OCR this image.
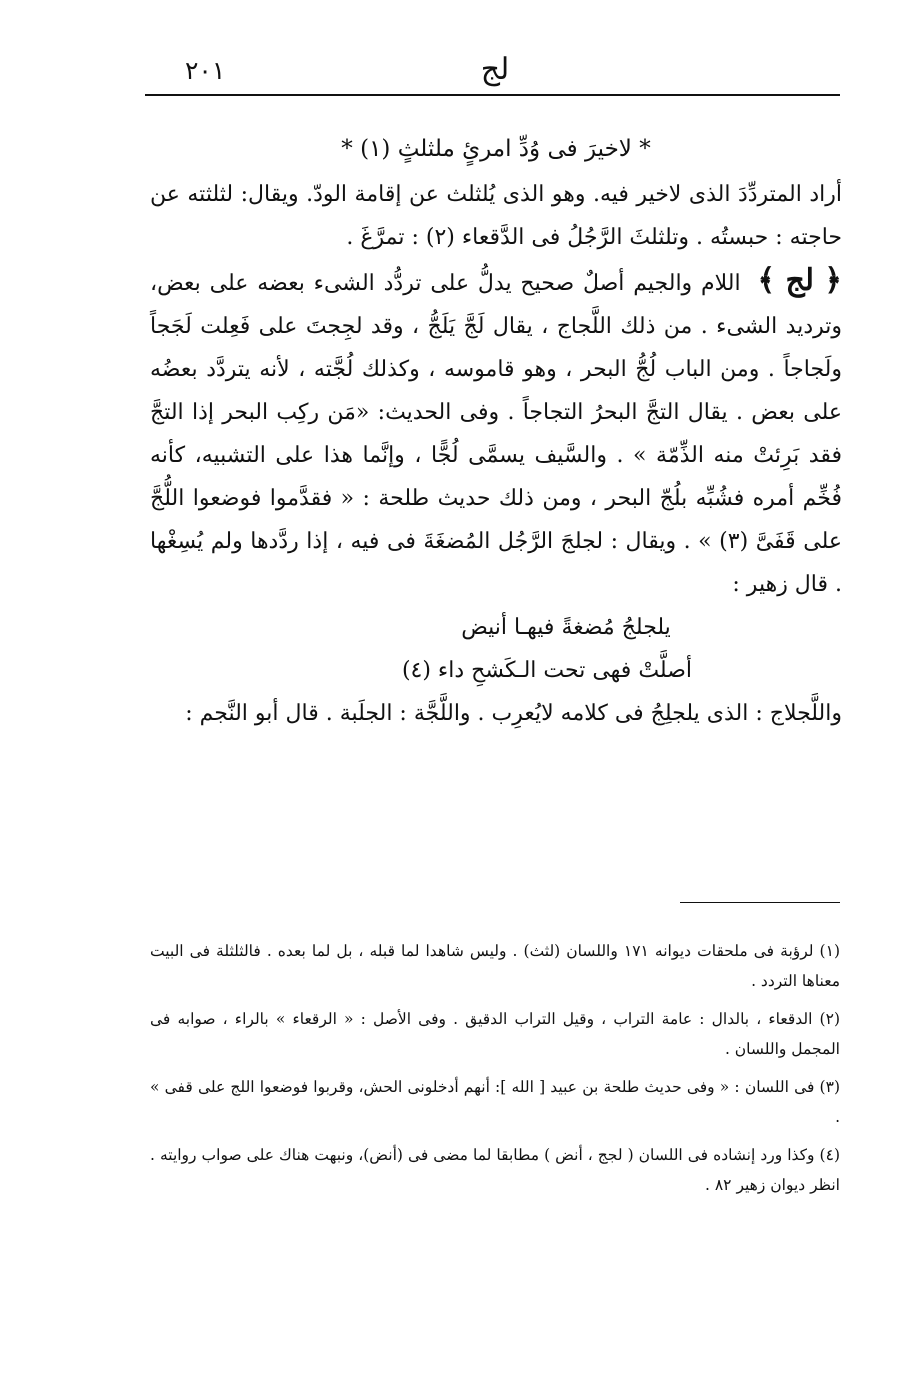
لج
٢٠١
* لاخيرَ فى وُدِّ امرئٍ ملثلثٍ (١) *

أراد المتردِّدَ الذى لاخير فيه. وهو الذى يُلثلث عن إقامة الودّ. ويقال: لثلثته عن حاجته : حبستُه . وتلثلثَ الرَّجُلُ فى الدَّقعاء (٢) : تمرَّغَ .

﴿ لج ﴾ اللام والجيم أصلٌ صحيح يدلُّ على تردُّد الشىء بعضه على بعض، وترديد الشىء . من ذلك اللَّجاج ، يقال لَجَّ يَلَجُّ ، وقد لجِجتَ على فَعِلت لَجَجاً ولَجاجاً . ومن الباب لُجُّ البحر ، وهو قاموسه ، وكذلك لُجَّته ، لأنه يتردَّد بعضُه على بعض . يقال التجَّ البحرُ التجاجاً . وفى الحديث: «مَن ركِب البحر إذا التجَّ فقد بَرِئتْ منه الذِّمّة » . والسَّيف يسمَّى لُجًّا ، وإنَّما هذا على التشبيه، كأنه فُخِّم أمره فشُبِّه بلُجّ البحر ، ومن ذلك حديث طلحة : « فقدَّموا فوضعوا اللُّجَّ على قَفَىَّ (٣) » . ويقال : لجلجَ الرَّجُل المُضغَةَ فى فيه ، إذا ردَّدها ولم يُسِغْها . قال زهير :

يلجلجُ مُضغةً فيهـا أنيض
أصلَّتْ فهى تحت الـكَشحِ داء (٤)

واللَّجلاج : الذى يلجلِجُ فى كلامه لايُعرِب . واللَّجَّة : الجلَبة . قال أبو النَّجم :

(١) لرؤبة فى ملحقات ديوانه ١٧١ واللسان (لثث) . وليس شاهدا لما قبله ، بل لما بعده . فالثلثلة فى البيت معناها التردد .

(٢) الدقعاء ، بالدال : عامة التراب ، وقيل التراب الدقيق . وفى الأصل : « الرقعاء » بالراء ، صوابه فى المجمل واللسان .

(٣) فى اللسان : « وفى حديث طلحة بن عبيد [ الله ]: أنهم أدخلونى الحش، وقربوا فوضعوا اللج على قفى » .

(٤) وكذا ورد إنشاده فى اللسان ( لجج ، أنض ) مطابقا لما مضى فى (أنض)، ونبهت هناك على صواب روايته . انظر ديوان زهير ٨٢ .
